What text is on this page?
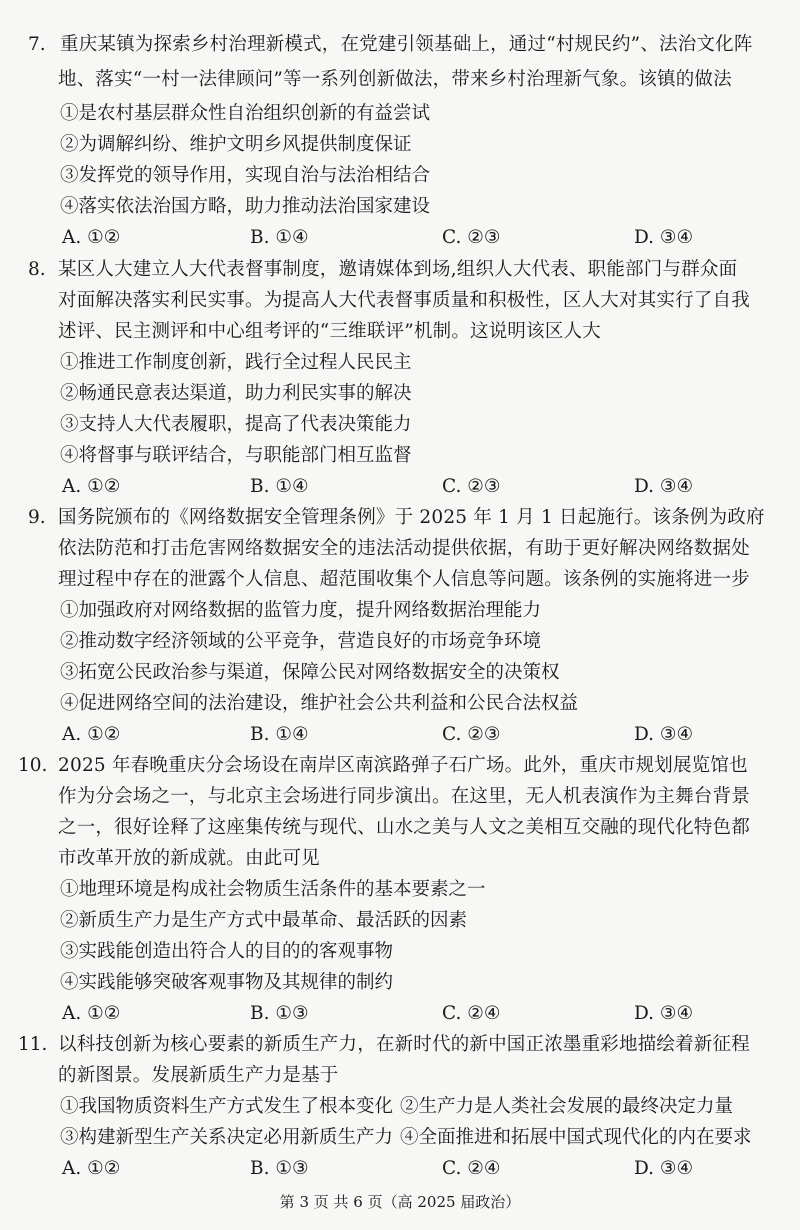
7. 重庆某镇为探索乡村治理新模式，在党建引领基础上，通过“村规民约”、法治文化阵
地、落实“一村一法律顾问”等一系列创新做法，带来乡村治理新气象。该镇的做法
①是农村基层群众性自治组织创新的有益尝试
②为调解纠纷、维护文明乡风提供制度保证
③发挥党的领导作用，实现自治与法治相结合
④落实依法治国方略，助力推动法治国家建设
A. ①②	B. ①④	C. ②③	D. ③④
8. 某区人大建立人大代表督事制度，邀请媒体到场,组织人大代表、职能部门与群众面
对面解决落实利民实事。为提高人大代表督事质量和积极性，区人大对其实行了自我
述评、民主测评和中心组考评的“三维联评”机制。这说明该区人大
①推进工作制度创新，践行全过程人民民主
②畅通民意表达渠道，助力利民实事的解决
③支持人大代表履职，提高了代表决策能力
④将督事与联评结合，与职能部门相互监督
A. ①②	B. ①④	C. ②③	D. ③④
9. 国务院颁布的《网络数据安全管理条例》于 2025 年 1 月 1 日起施行。该条例为政府
依法防范和打击危害网络数据安全的违法活动提供依据，有助于更好解决网络数据处
理过程中存在的泄露个人信息、超范围收集个人信息等问题。该条例的实施将进一步
①加强政府对网络数据的监管力度，提升网络数据治理能力
②推动数字经济领域的公平竞争，营造良好的市场竞争环境
③拓宽公民政治参与渠道，保障公民对网络数据安全的决策权
④促进网络空间的法治建设，维护社会公共利益和公民合法权益
A. ①②	B. ①④	C. ②③	D. ③④
10. 2025 年春晚重庆分会场设在南岸区南滨路弹子石广场。此外，重庆市规划展览馆也
作为分会场之一，与北京主会场进行同步演出。在这里，无人机表演作为主舞台背景
之一，很好诠释了这座集传统与现代、山水之美与人文之美相互交融的现代化特色都
市改革开放的新成就。由此可见
①地理环境是构成社会物质生活条件的基本要素之一
②新质生产力是生产方式中最革命、最活跃的因素
③实践能创造出符合人的目的的客观事物
④实践能够突破客观事物及其规律的制约
A. ①②	B. ①③	C. ②④	D. ③④
11. 以科技创新为核心要素的新质生产力，在新时代的新中国正浓墨重彩地描绘着新征程
的新图景。发展新质生产力是基于
①我国物质资料生产方式发生了根本变化 ②生产力是人类社会发展的最终决定力量
③构建新型生产关系决定必用新质生产力 ④全面推进和拓展中国式现代化的内在要求
A. ①②	B. ①③	C. ②④	D. ③④
第 3 页 共 6 页（高 2025 届政治）
